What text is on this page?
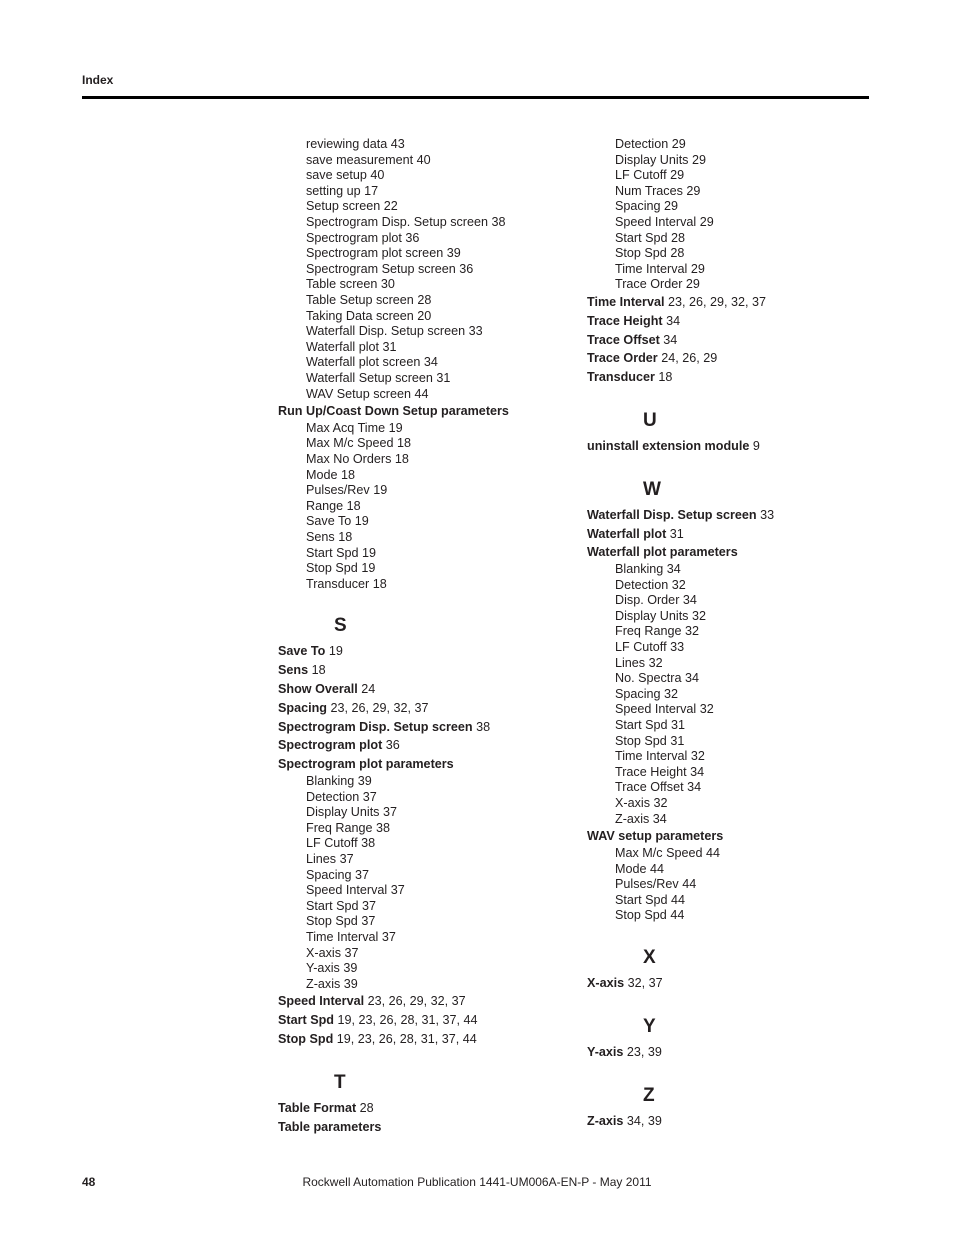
Index
reviewing data 43
save measurement 40
save setup 40
setting up 17
Setup screen 22
Spectrogram Disp. Setup screen 38
Spectrogram plot 36
Spectrogram plot screen 39
Spectrogram Setup screen 36
Table screen 30
Table Setup screen 28
Taking Data screen 20
Waterfall Disp. Setup screen 33
Waterfall plot 31
Waterfall plot screen 34
Waterfall Setup screen 31
WAV Setup screen 44
Run Up/Coast Down Setup parameters
Max Acq Time 19
Max M/c Speed 18
Max No Orders 18
Mode 18
Pulses/Rev 19
Range 18
Save To 19
Sens 18
Start Spd 19
Stop Spd 19
Transducer 18
S
Save To 19
Sens 18
Show Overall 24
Spacing 23, 26, 29, 32, 37
Spectrogram Disp. Setup screen 38
Spectrogram plot 36
Spectrogram plot parameters
Blanking 39
Detection 37
Display Units 37
Freq Range 38
LF Cutoff 38
Lines 37
Spacing 37
Speed Interval 37
Start Spd 37
Stop Spd 37
Time Interval 37
X-axis 37
Y-axis 39
Z-axis 39
Speed Interval 23, 26, 29, 32, 37
Start Spd 19, 23, 26, 28, 31, 37, 44
Stop Spd 19, 23, 26, 28, 31, 37, 44
T
Table Format 28
Table parameters
Detection 29
Display Units 29
LF Cutoff 29
Num Traces 29
Spacing 29
Speed Interval 29
Start Spd 28
Stop Spd 28
Time Interval 29
Trace Order 29
Time Interval 23, 26, 29, 32, 37
Trace Height 34
Trace Offset 34
Trace Order 24, 26, 29
Transducer 18
U
uninstall extension module 9
W
Waterfall Disp. Setup screen 33
Waterfall plot 31
Waterfall plot parameters
Blanking 34
Detection 32
Disp. Order 34
Display Units 32
Freq Range 32
LF Cutoff 33
Lines 32
No. Spectra 34
Spacing 32
Speed Interval 32
Start Spd 31
Stop Spd 31
Time Interval 32
Trace Height 34
Trace Offset 34
X-axis 32
Z-axis 34
WAV setup parameters
Max M/c Speed 44
Mode 44
Pulses/Rev 44
Start Spd 44
Stop Spd 44
X
X-axis 32, 37
Y
Y-axis 23, 39
Z
Z-axis 34, 39
48	Rockwell Automation Publication 1441-UM006A-EN-P - May 2011
